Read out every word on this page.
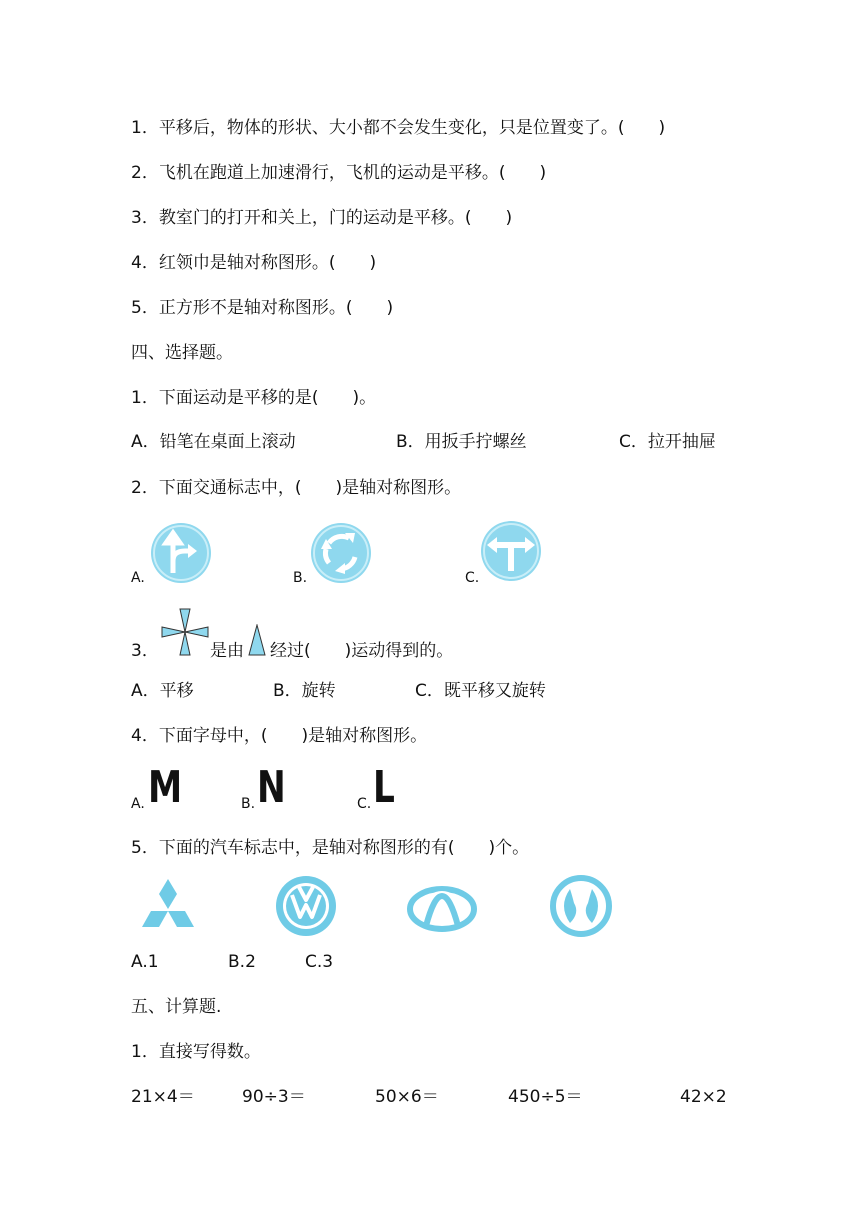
1．平移后，物体的形状、大小都不会发生变化，只是位置变了。(　　)
2．飞机在跑道上加速滑行，飞机的运动是平移。(　　)
3．教室门的打开和关上，门的运动是平移。(　　)
4．红领巾是轴对称图形。(　　)
5．正方形不是轴对称图形。(　　)
四、选择题。
1．下面运动是平移的是(　　)。
A．铅笔在桌面上滚动	B．用扳手拧螺丝	C．拉开抽屉
2．下面交通标志中，(　　)是轴对称图形。
A.	B.	C.
3．	是由 经过(　　)运动得到的。
A．平移	B．旋转	C．既平移又旋转
4．下面字母中，(　　)是轴对称图形。
A. M	B. N	C. L
5．下面的汽车标志中，是轴对称图形的有(　　)个。
A.1	B.2	C.3
五、计算题.
1．直接写得数。
21×4＝	90÷3＝	50×6＝	450÷5＝	42×2
